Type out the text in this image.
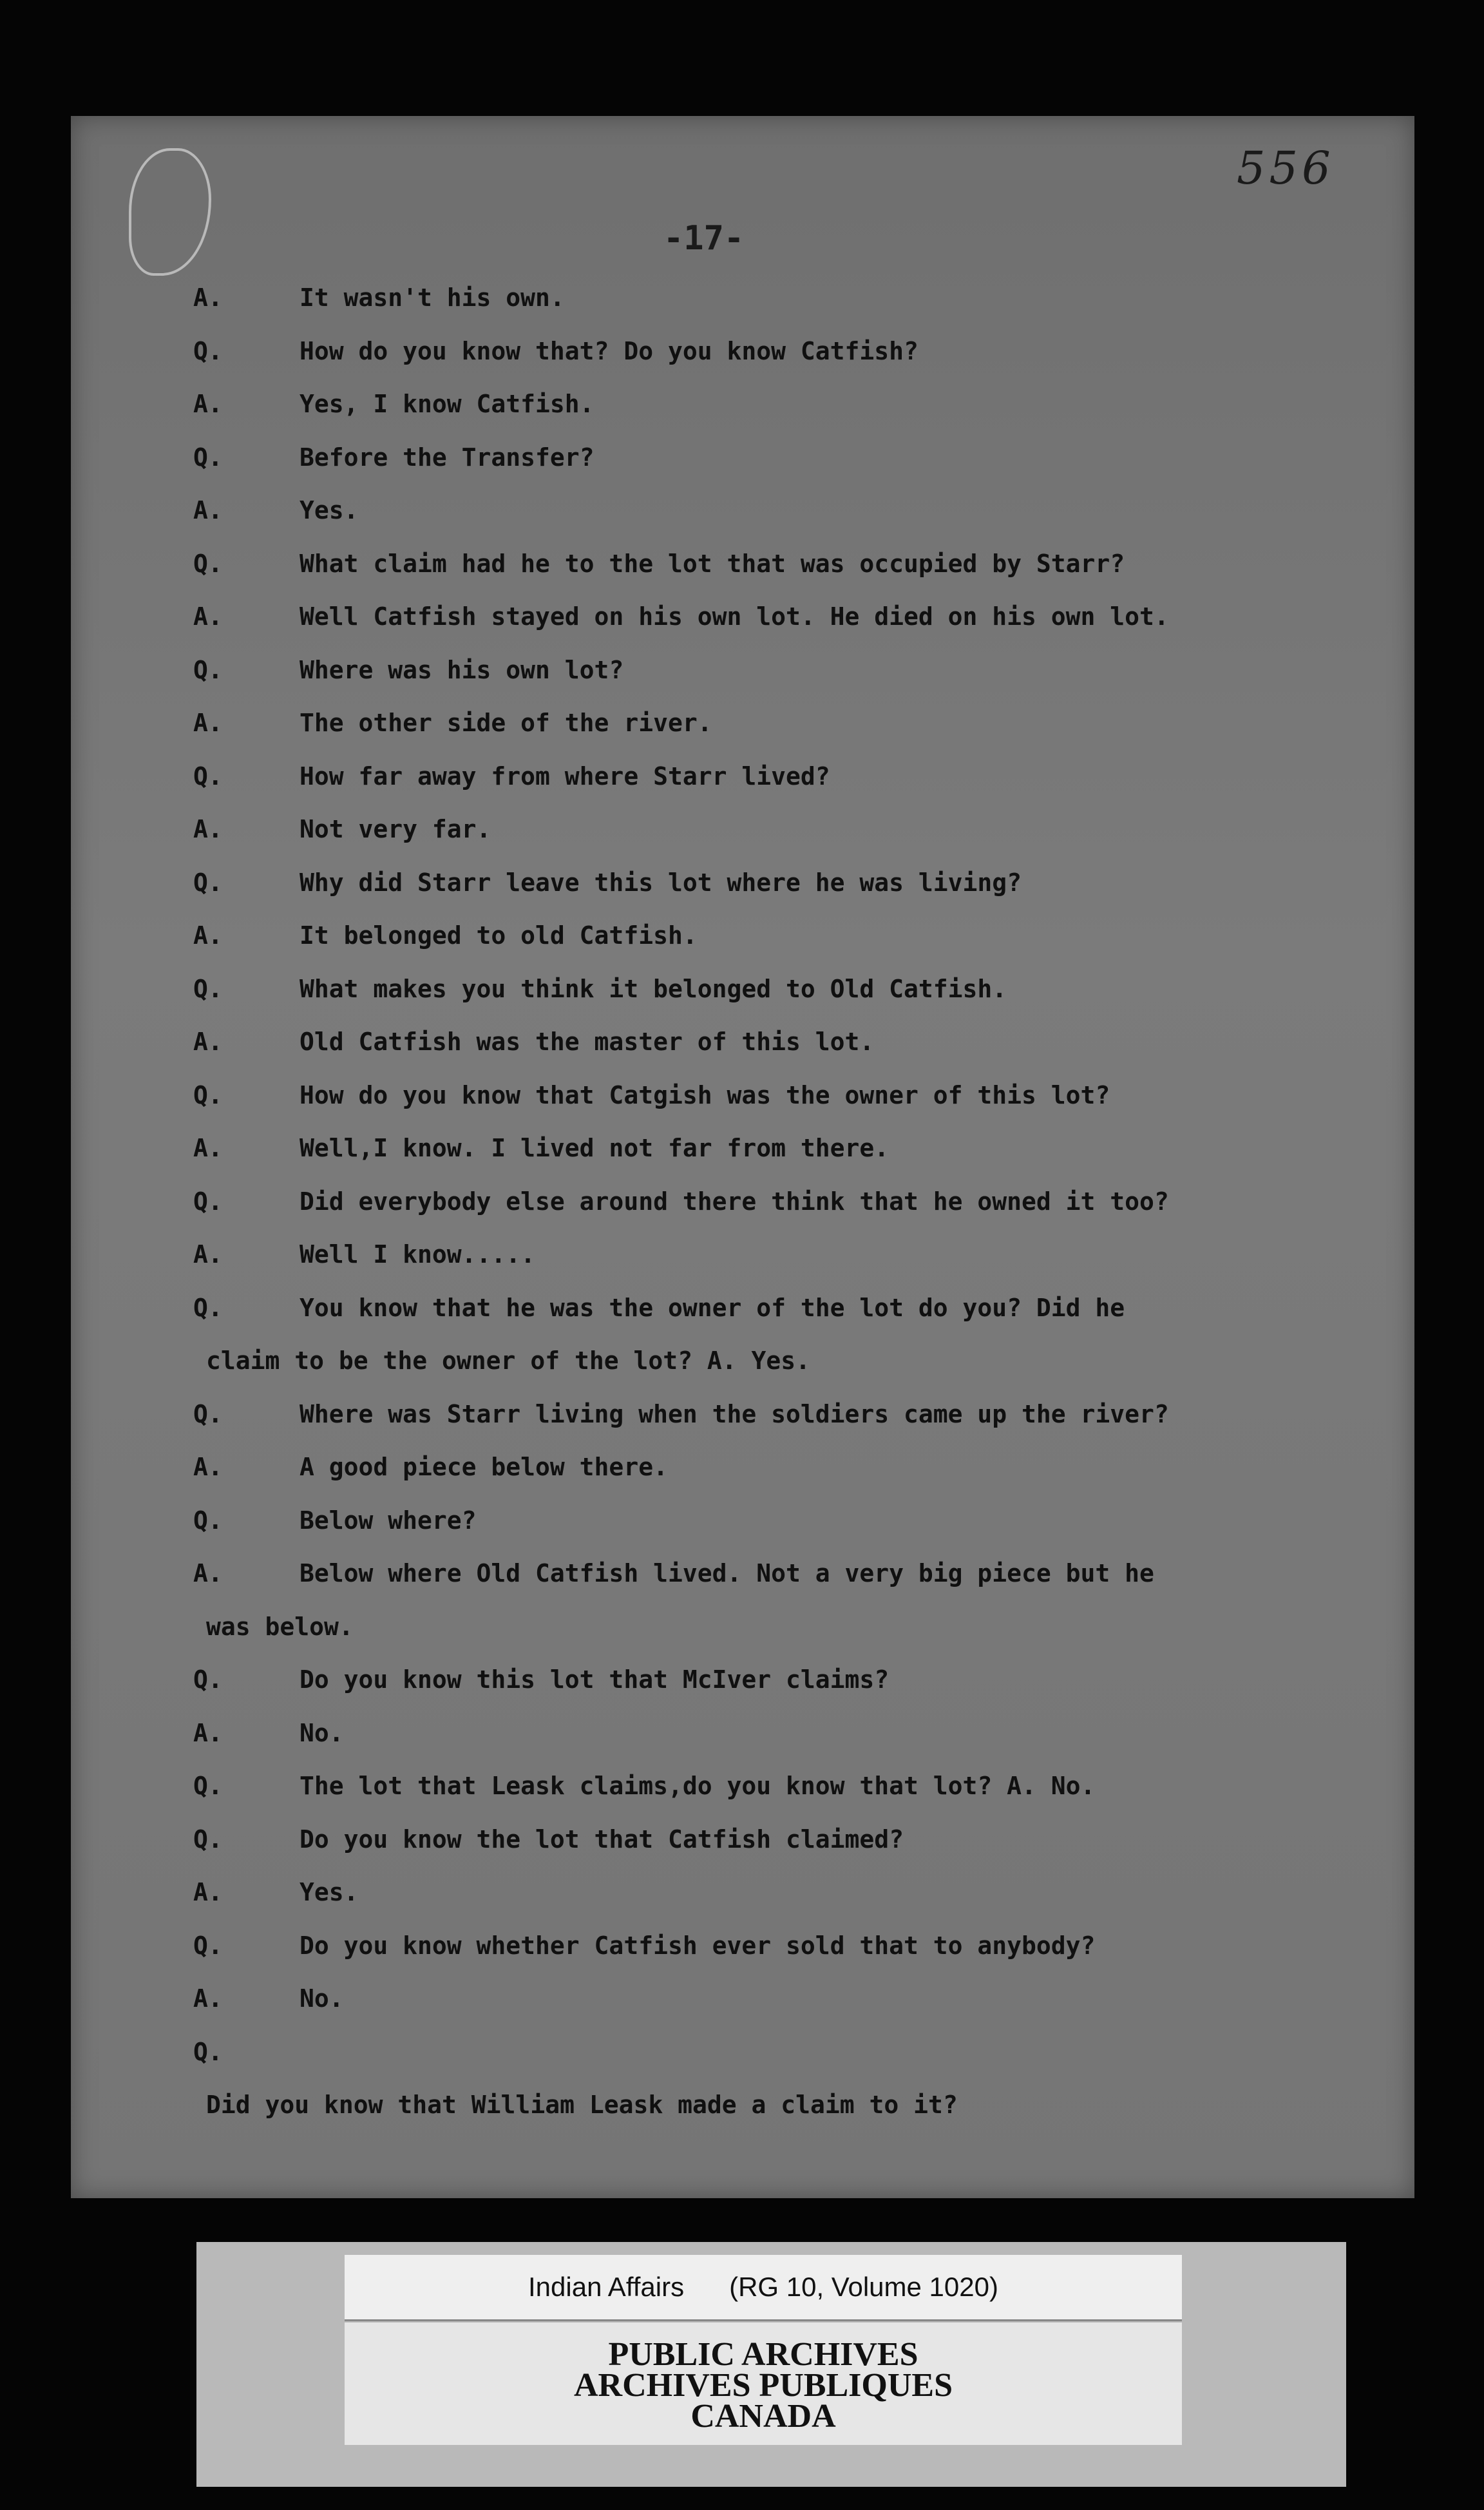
556
-17-
A.	It wasn't his own.
Q.	How do you know that? Do you know Catfish?
A.	Yes, I know Catfish.
Q.	Before the Transfer?
A.	Yes.
Q.	What claim had he to the lot that was occupied by Starr?
A.	Well Catfish stayed on his own lot. He died on his own lot.
Q.	Where was his own lot?
A.	The other side of the river.
Q.	How far away from where Starr lived?
A.	Not very far.
Q.	Why did Starr leave this lot where he was living?
A.	It belonged to old Catfish.
Q.	What makes you think it belonged to Old Catfish.
A.	Old Catfish was the master of this lot.
Q.	How do you know that Catgish was the owner of this lot?
A.	Well,I know. I lived not far from there.
Q.	Did everybody else around there think that he owned it too?
A.	Well I know.....
Q.	You know that he was the owner of the lot do you? Did he
claim to be the owner of the lot? A. Yes.
Q.	Where was Starr living when the soldiers came up the river?
A.	A good piece below there.
Q.	Below where?
A.	Below where Old Catfish lived. Not a very big piece but he
was below.
Q.	Do you know this lot that McIver claims?
A.	No.
Q.	The lot that Leask claims,do you know that lot? A. No.
Q.	Do you know the lot that Catfish claimed?
A.	Yes.
Q.	Do you know whether Catfish ever sold that to anybody?
A.	No.
Q.
Did you know that William Leask made a claim to it?
Indian Affairs (RG 10, Volume 1020)
PUBLIC ARCHIVES
ARCHIVES PUBLIQUES
CANADA
